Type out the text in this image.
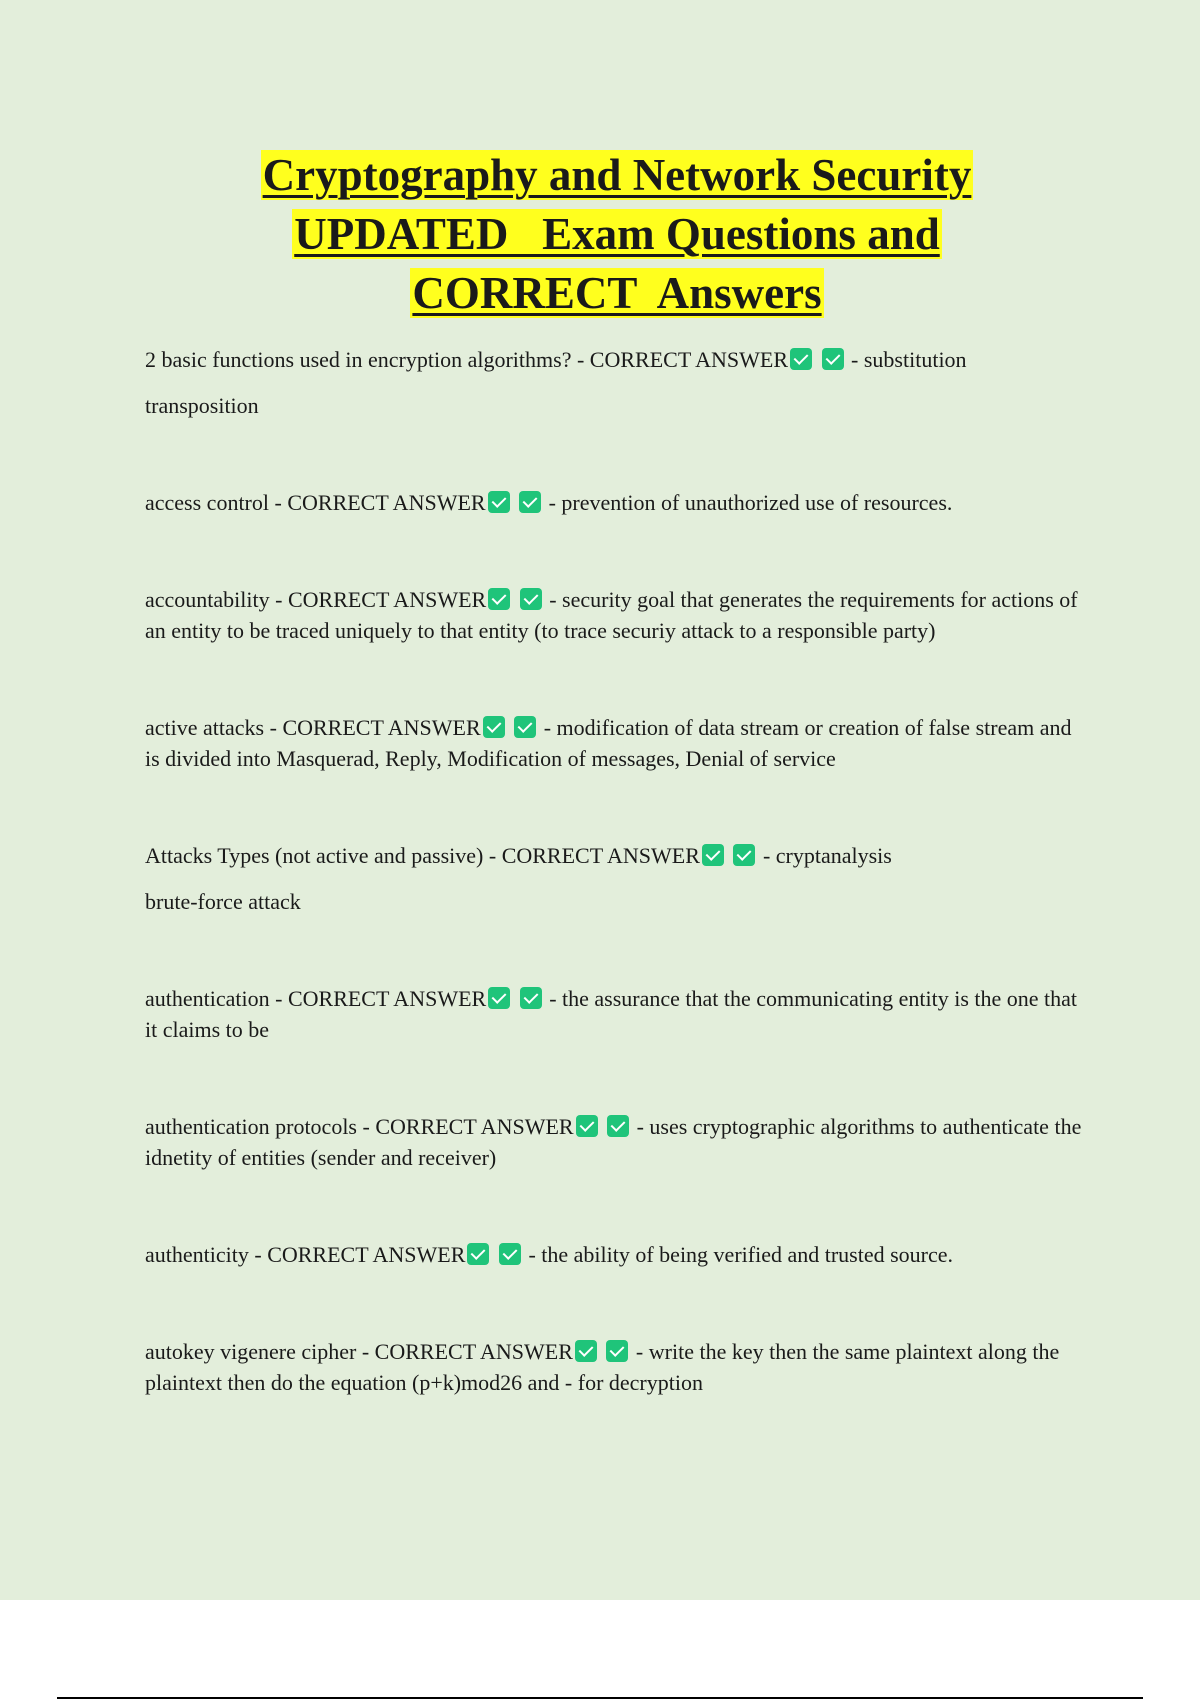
Cryptography and Network Security
UPDATED   Exam Questions and
CORRECT  Answers

2 basic functions used in encryption algorithms? - CORRECT ANSWER	- substitution
transposition

access control - CORRECT ANSWER	- prevention of unauthorized use of resources.

accountability - CORRECT ANSWER	- security goal that generates the requirements for actions of an entity to be traced uniquely to that entity (to trace securiy attack to a responsible party)

active attacks - CORRECT ANSWER	- modification of data stream or creation of false stream and is divided into Masquerad, Reply, Modification of messages, Denial of service

Attacks Types (not active and passive) - CORRECT ANSWER	- cryptanalysis
brute-force attack

authentication - CORRECT ANSWER	- the assurance that the communicating entity is the one that it claims to be

authentication protocols - CORRECT ANSWER	- uses cryptographic algorithms to authenticate the idnetity of entities (sender and receiver)

authenticity - CORRECT ANSWER	- the ability of being verified and trusted source.

autokey vigenere cipher - CORRECT ANSWER	- write the key then the same plaintext along the plaintext then do the equation (p+k)mod26 and - for decryption
